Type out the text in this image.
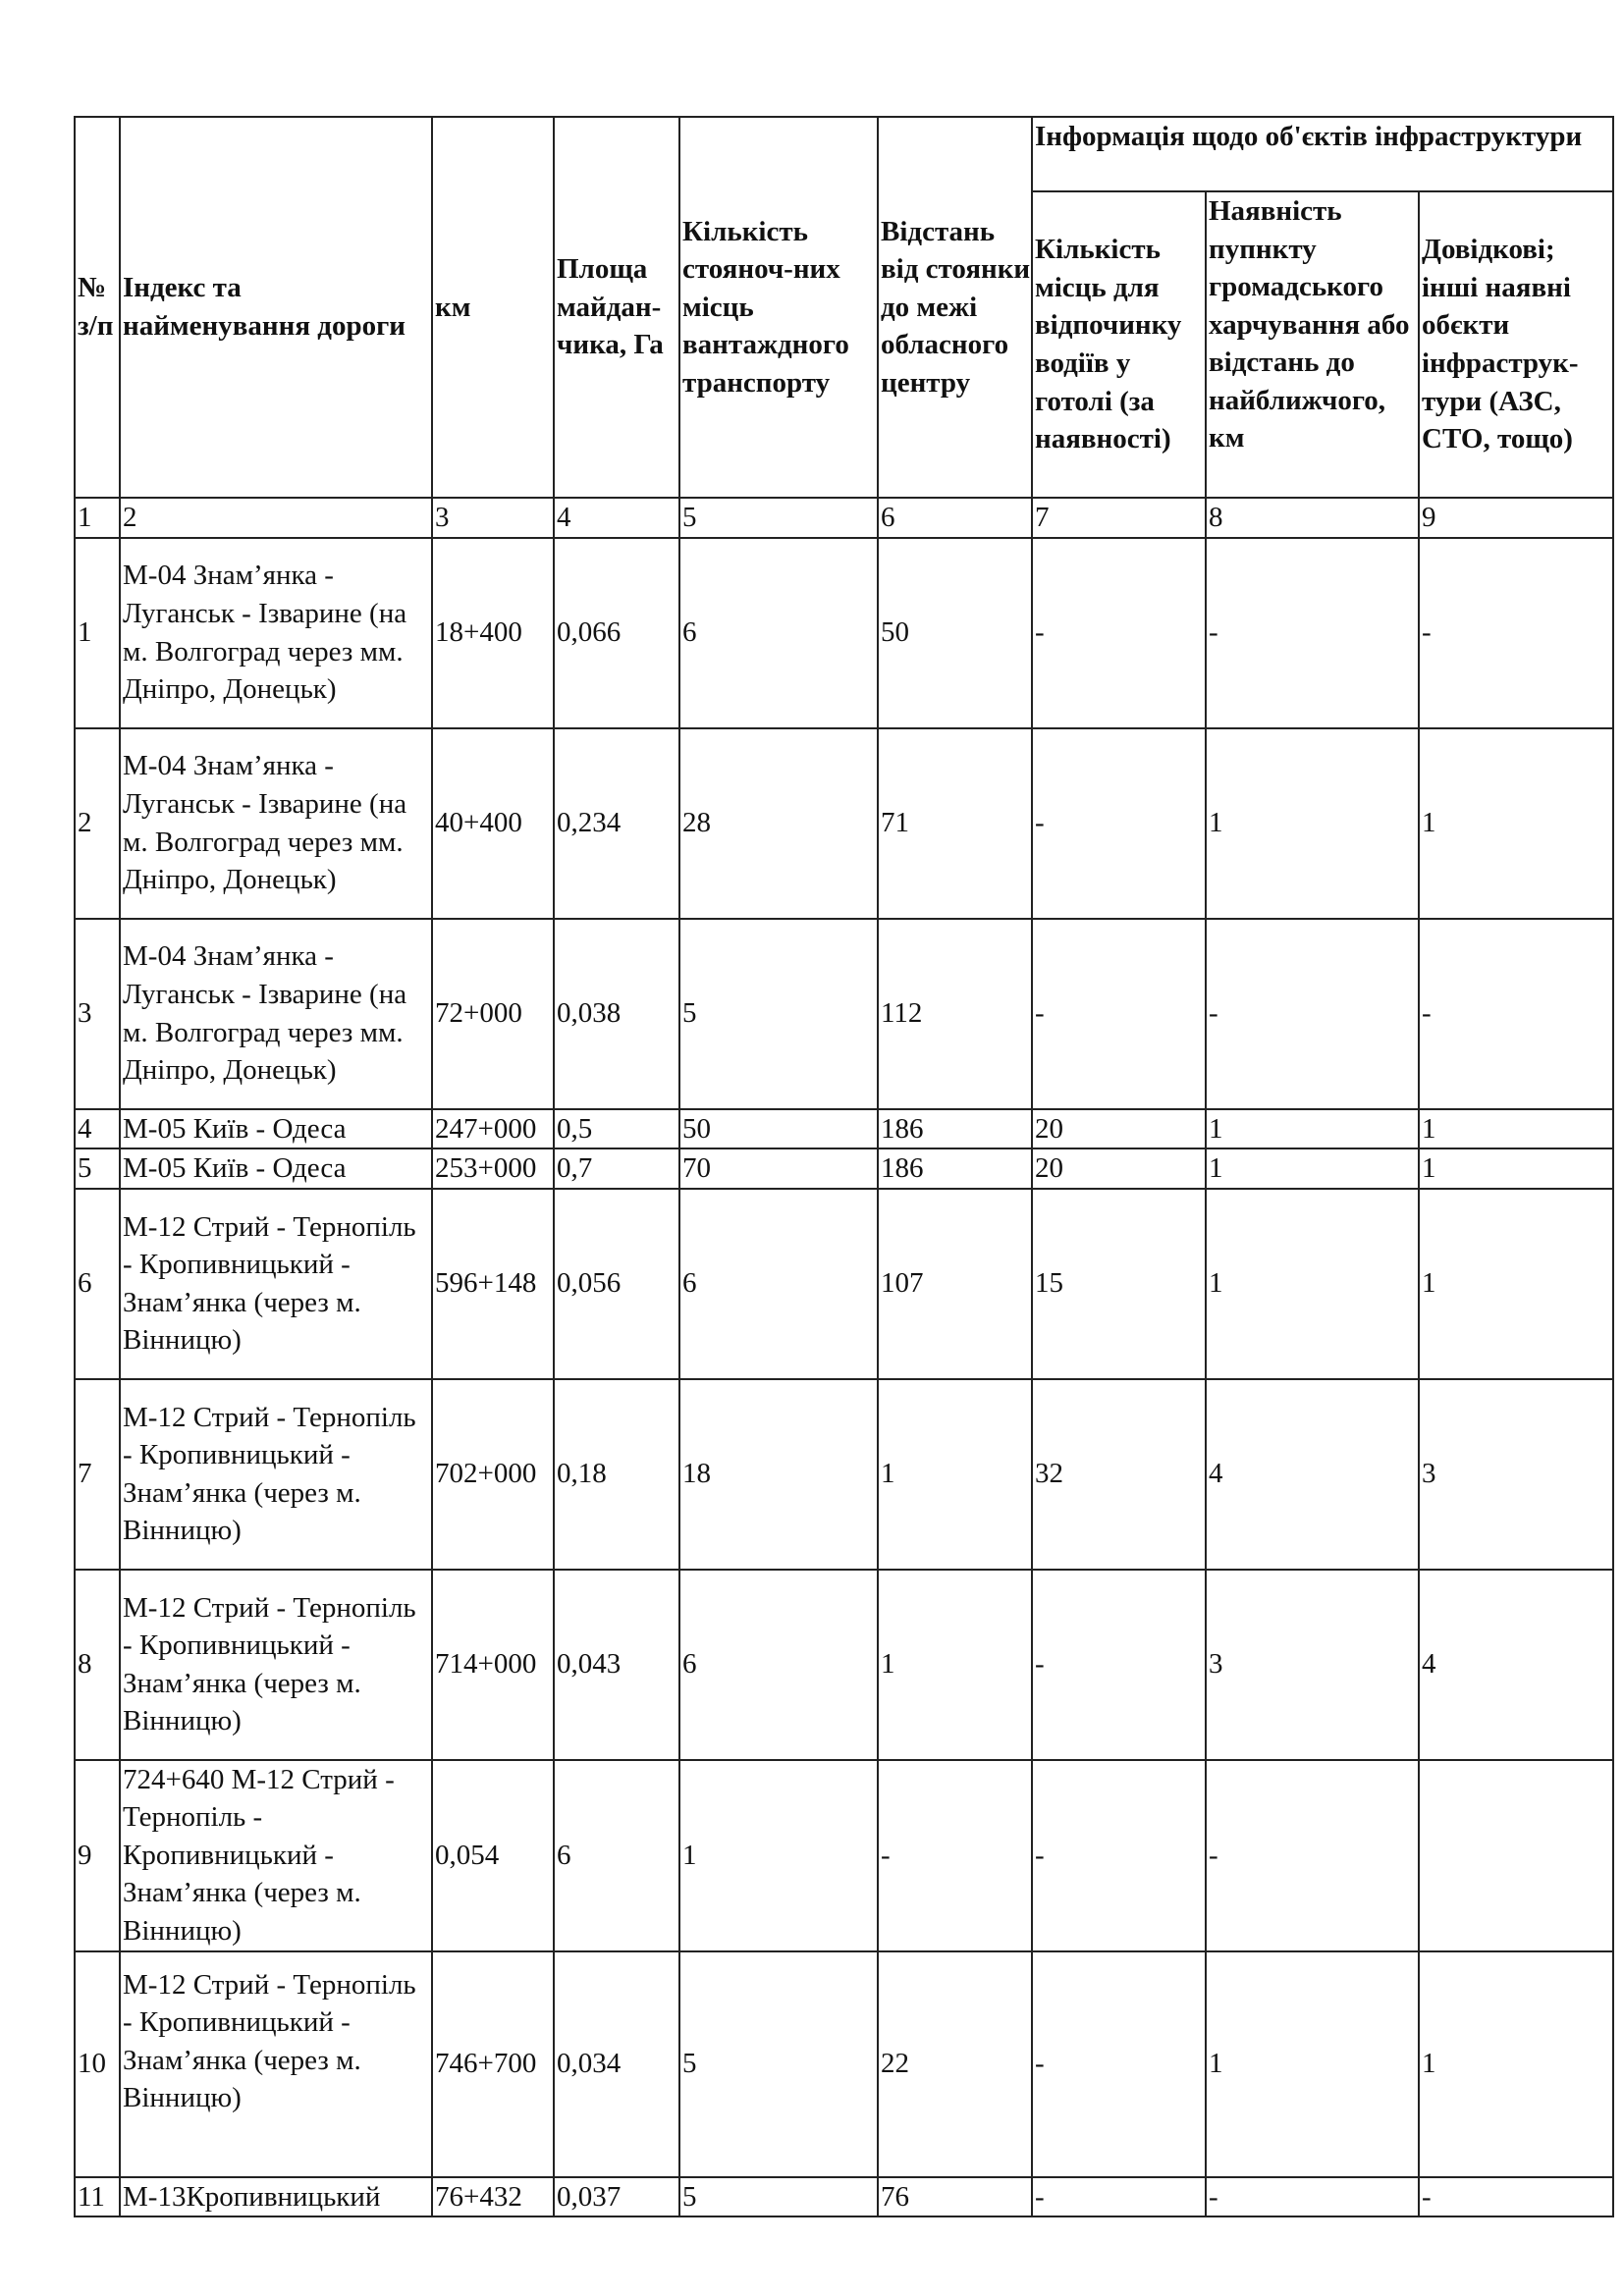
№ з/п	Індекс та найменування дороги	км	Площа майдан-чика, Га	Кількість стояноч-них місць вантаждного транспорту	Відстань від стоянки до межі обласного центру	Інформація щодо об'єктів інфраструктури		
						Кількість місць для відпочинку водіїв у готолі (за наявності)	Наявність пупнкту громадського харчування або відстань до найближчого, км	Довідкові; інші наявні обєкти інфраструк-тури (АЗС, СТО, тощо)
1	2	3	4	5	6	7	8	9
1	М-04 Знам’янка - Луганськ - Ізварине (на м. Волгоград через мм. Дніпро, Донецьк)	18+400	0,066	6	50	-	-	-
2	М-04 Знам’янка - Луганськ - Ізварине (на м. Волгоград через мм. Дніпро, Донецьк)	40+400	0,234	28	71	-	1	1
3	М-04 Знам’янка - Луганськ - Ізварине (на м. Волгоград через мм. Дніпро, Донецьк)	72+000	0,038	5	112	-	-	-
4	М-05 Київ - Одеса	247+000	0,5	50	186	20	1	1
5	М-05 Київ - Одеса	253+000	0,7	70	186	20	1	1
6	М-12 Стрий - Тернопіль - Кропивницький - Знам’янка (через м. Вінницю)	596+148	0,056	6	107	15	1	1
7	М-12 Стрий - Тернопіль - Кропивницький - Знам’янка (через м. Вінницю)	702+000	0,18	18	1	32	4	3
8	М-12 Стрий - Тернопіль - Кропивницький - Знам’янка (через м. Вінницю)	714+000	0,043	6	1	-	3	4
9	724+640 М-12 Стрий - Тернопіль - Кропивницький - Знам’янка (через м. Вінницю)	0,054	6	1	-	-	-	
10	М-12 Стрий - Тернопіль - Кропивницький - Знам’янка (через м. Вінницю)	746+700	0,034	5	22	-	1	1
11	М-13Кропивницький	76+432	0,037	5	76	-	-	-
